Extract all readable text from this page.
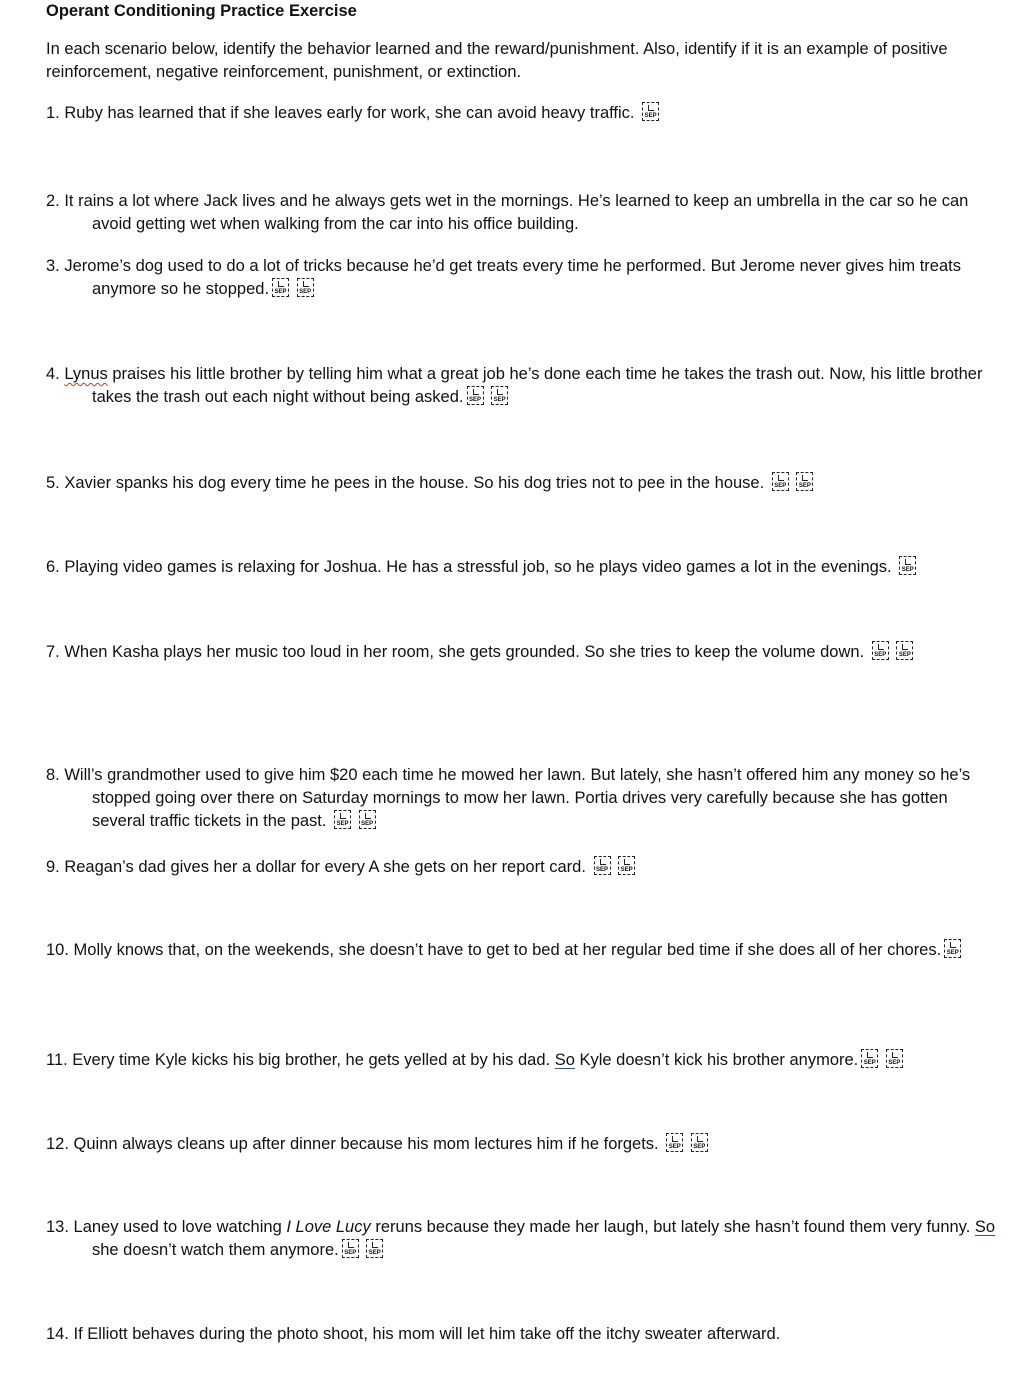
Operant Conditioning Practice Exercise
In each scenario below, identify the behavior learned and the reward/punishment. Also, identify if it is an example of positive reinforcement, negative reinforcement, punishment, or extinction.
1. Ruby has learned that if she leaves early for work, she can avoid heavy traffic. SEP
2. It rains a lot where Jack lives and he always gets wet in the mornings. He’s learned to keep an umbrella in the car so he can avoid getting wet when walking from the car into his office building.
3. Jerome’s dog used to do a lot of tricks because he’d get treats every time he performed. But Jerome never gives him treats anymore so he stopped.SEP SEP
4. Lynus praises his little brother by telling him what a great job he’s done each time he takes the trash out. Now, his little brother takes the trash out each night without being asked.SEP SEP
5. Xavier spanks his dog every time he pees in the house. So his dog tries not to pee in the house. SEP SEP
6. Playing video games is relaxing for Joshua. He has a stressful job, so he plays video games a lot in the evenings. SEP
7. When Kasha plays her music too loud in her room, she gets grounded. So she tries to keep the volume down. SEP SEP
8. Will’s grandmother used to give him $20 each time he mowed her lawn. But lately, she hasn’t offered him any money so he’s stopped going over there on Saturday mornings to mow her lawn. Portia drives very carefully because she has gotten several traffic tickets in the past. SEP SEP
9. Reagan’s dad gives her a dollar for every A she gets on her report card. SEP SEP
10. Molly knows that, on the weekends, she doesn’t have to get to bed at her regular bed time if she does all of her chores.SEP
11. Every time Kyle kicks his big brother, he gets yelled at by his dad. So Kyle doesn’t kick his brother anymore.SEP SEP
12. Quinn always cleans up after dinner because his mom lectures him if he forgets. SEP SEP
13. Laney used to love watching I Love Lucy reruns because they made her laugh, but lately she hasn’t found them very funny. So she doesn’t watch them anymore.SEP SEP
14. If Elliott behaves during the photo shoot, his mom will let him take off the itchy sweater afterward.
